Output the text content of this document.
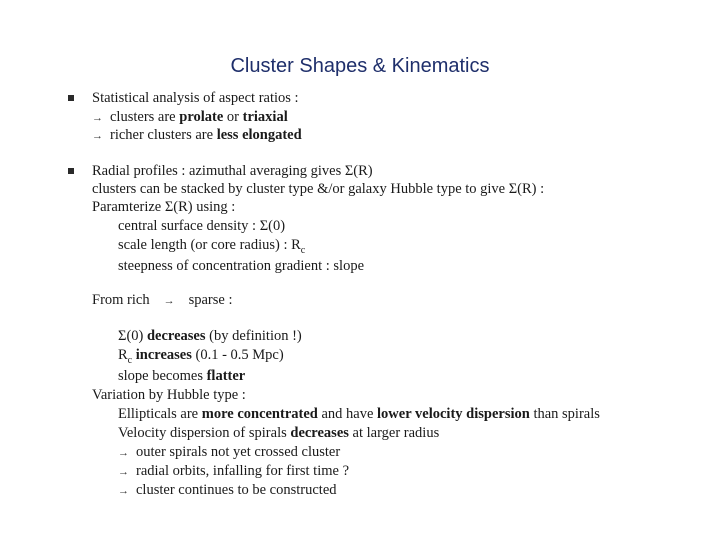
Cluster Shapes & Kinematics
Statistical analysis of aspect ratios :
→ clusters are prolate or triaxial
→ richer clusters are less elongated
Radial profiles : azimuthal averaging gives Σ(R)
clusters can be stacked by cluster type &/or galaxy Hubble type to give Σ(R) :
Paramterize Σ(R) using :
central surface density : Σ(0)
scale length (or core radius) : $R_c$
steepness of concentration gradient : slope
From rich → sparse :
Σ(0) decreases (by definition !)
$R_c$ increases (0.1 - 0.5 Mpc)
slope becomes flatter
Variation by Hubble type :
Ellipticals are more concentrated and have lower velocity dispersion than spirals
Velocity dispersion of spirals decreases at larger radius
→ outer spirals not yet crossed cluster
→ radial orbits, infalling for first time ?
→ cluster continues to be constructed
